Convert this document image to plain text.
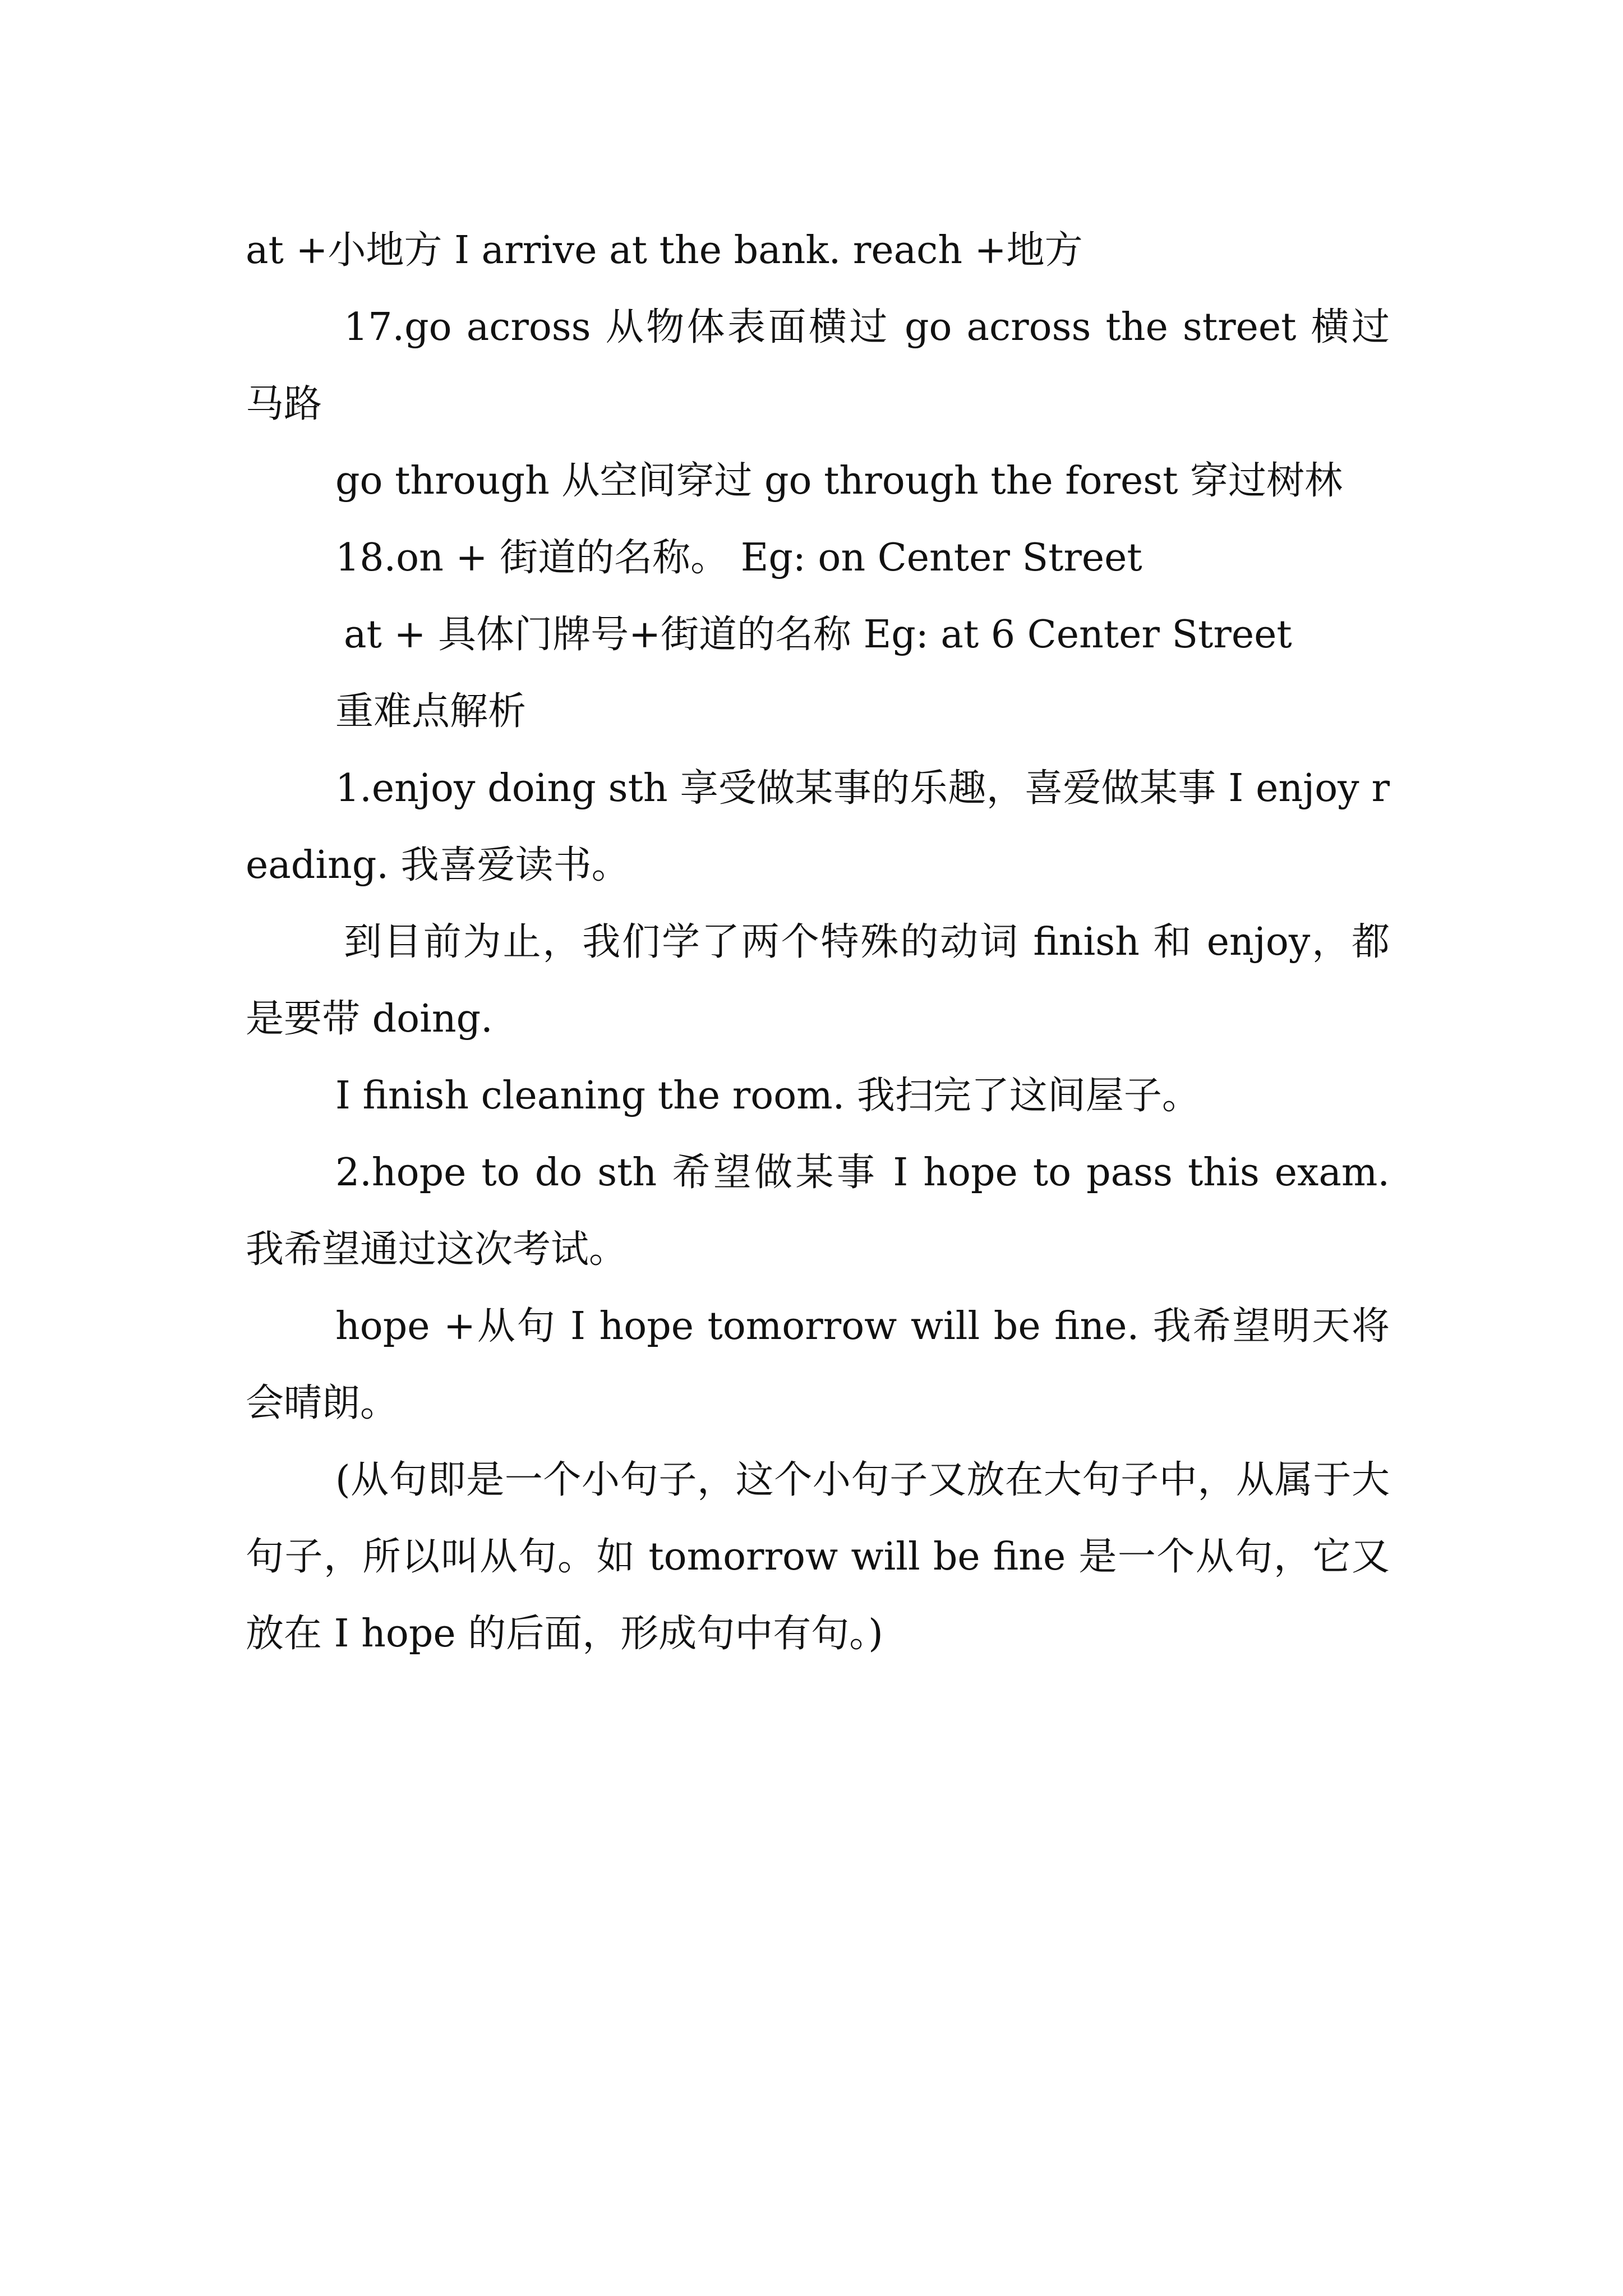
at +小地方 I arrive at the bank. reach +地方

17.go across 从物体表面横过 go across the street 横过马路

go through 从空间穿过 go through the forest 穿过树林

18.on + 街道的名称。 Eg: on Center Street

at + 具体门牌号+街道的名称 Eg: at 6 Center Street

重难点解析

1.enjoy doing sth 享受做某事的乐趣，喜爱做某事 I enjoy reading. 我喜爱读书。

到目前为止，我们学了两个特殊的动词 finish 和 enjoy，都是要带 doing.

I finish cleaning the room. 我扫完了这间屋子。

2.hope to do sth 希望做某事 I hope to pass this exam. 我希望通过这次考试。

hope +从句 I hope tomorrow will be fine. 我希望明天将会晴朗。

(从句即是一个小句子，这个小句子又放在大句子中，从属于大句子，所以叫从句。如 tomorrow will be fine 是一个从句，它又放在 I hope 的后面，形成句中有句。)
